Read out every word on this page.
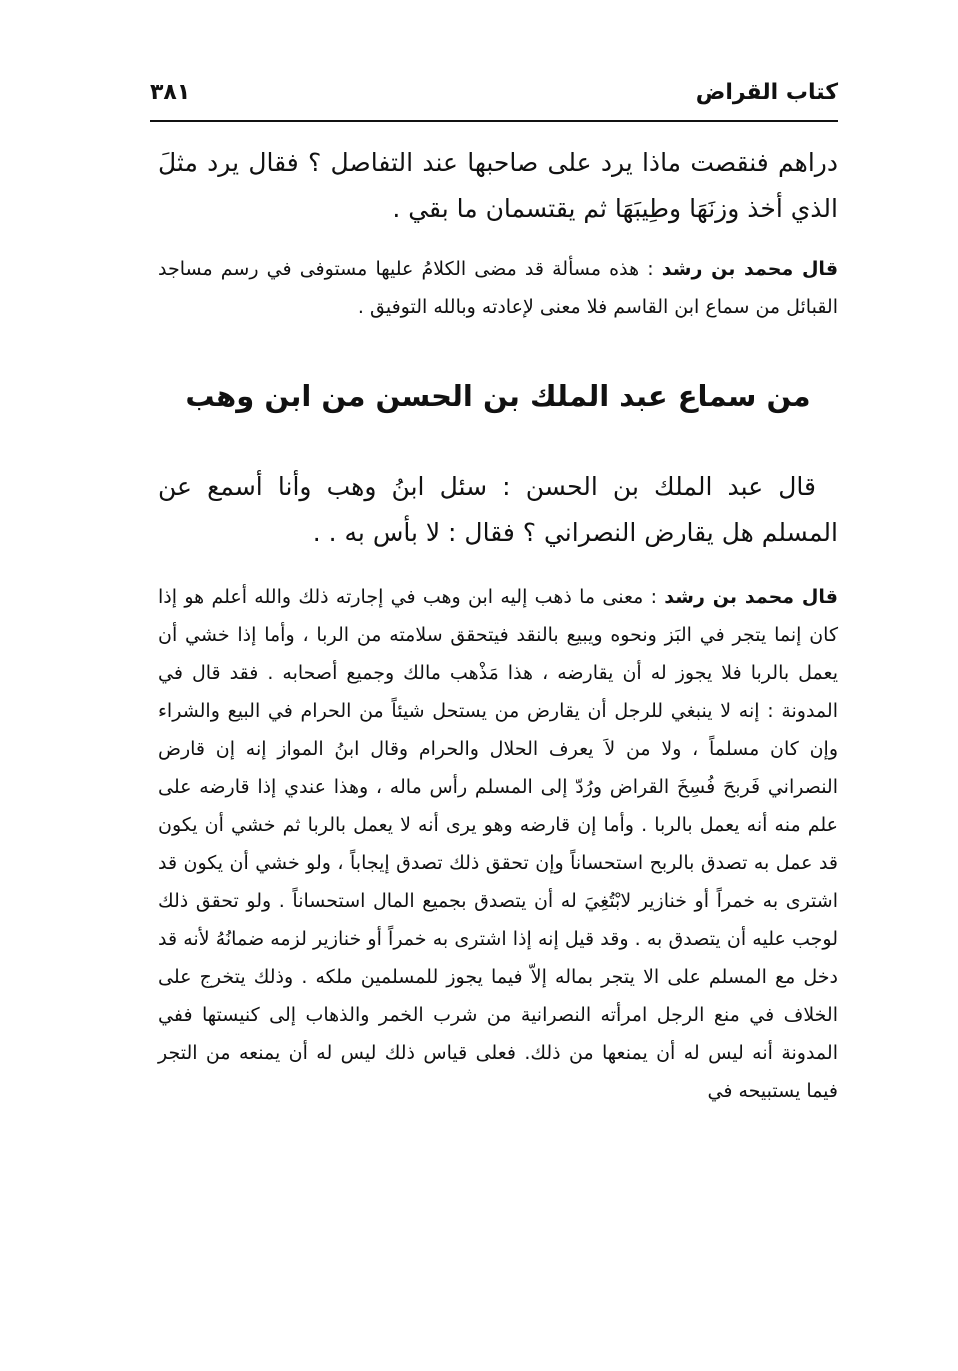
كتاب القراض
٣٨١

دراهم فنقصت ماذا يرد على صاحبها عند التفاصل ؟ فقال يرد مثلَ الذي أخذ وزنَهَا وطِيبَهَا ثم يقتسمان ما بقي .

قال محمد بن رشد : هذه مسألة قد مضى الكلامُ عليها مستوفى في رسم مساجد القبائل من سماع ابن القاسم فلا معنى لإعادته وبالله التوفيق .

من سماع عبد الملك بن الحسن من ابن وهب

قال عبد الملك بن الحسن : سئل ابنُ وهب وأنا أسمع عن المسلم هل يقارض النصراني ؟ فقال : لا بأس به . .

قال محمد بن رشد : معنى ما ذهب إليه ابن وهب في إجارته ذلك والله أعلم هو إذا كان إنما يتجر في البَز ونحوه ويبيع بالنقد فيتحقق سلامته من الربا ، وأما إذا خشي أن يعمل بالربا فلا يجوز له أن يقارضه ، هذا مَذْهب مالك وجميع أصحابه . فقد قال في المدونة : إنه لا ينبغي للرجل أن يقارض من يستحل شيئاً من الحرام في البيع والشراء وإن كان مسلماً ، ولا من لاَ يعرف الحلال والحرام وقال ابنُ المواز إنه إن قارض النصراني فَربحَ فُسِخَ القراض ورُدّ إلى المسلم رأس ماله ، وهذا عندي إذا قارضه على علم منه أنه يعمل بالربا . وأما إن قارضه وهو يرى أنه لا يعمل بالربا ثم خشي أن يكون قد عمل به تصدق بالربح استحساناً وإن تحقق ذلك تصدق إيجاباً ، ولو خشي أن يكون قد اشترى به خمراً أو خنازير لابْتُغِيَ له أن يتصدق بجميع المال استحساناً . ولو تحقق ذلك لوجب عليه أن يتصدق به . وقد قيل إنه إذا اشترى به خمراً أو خنازير لزمه ضمانُهُ لأنه قد دخل مع المسلم على الا يتجر بماله إلاّ فيما يجوز للمسلمين ملكه . وذلك يتخرج على الخلاف في منع الرجل امرأته النصرانية من شرب الخمر والذهاب إلى كنيستها ففي المدونة أنه ليس له أن يمنعها من ذلك. فعلى قياس ذلك ليس له أن يمنعه من التجر فيما يستبيحه في
